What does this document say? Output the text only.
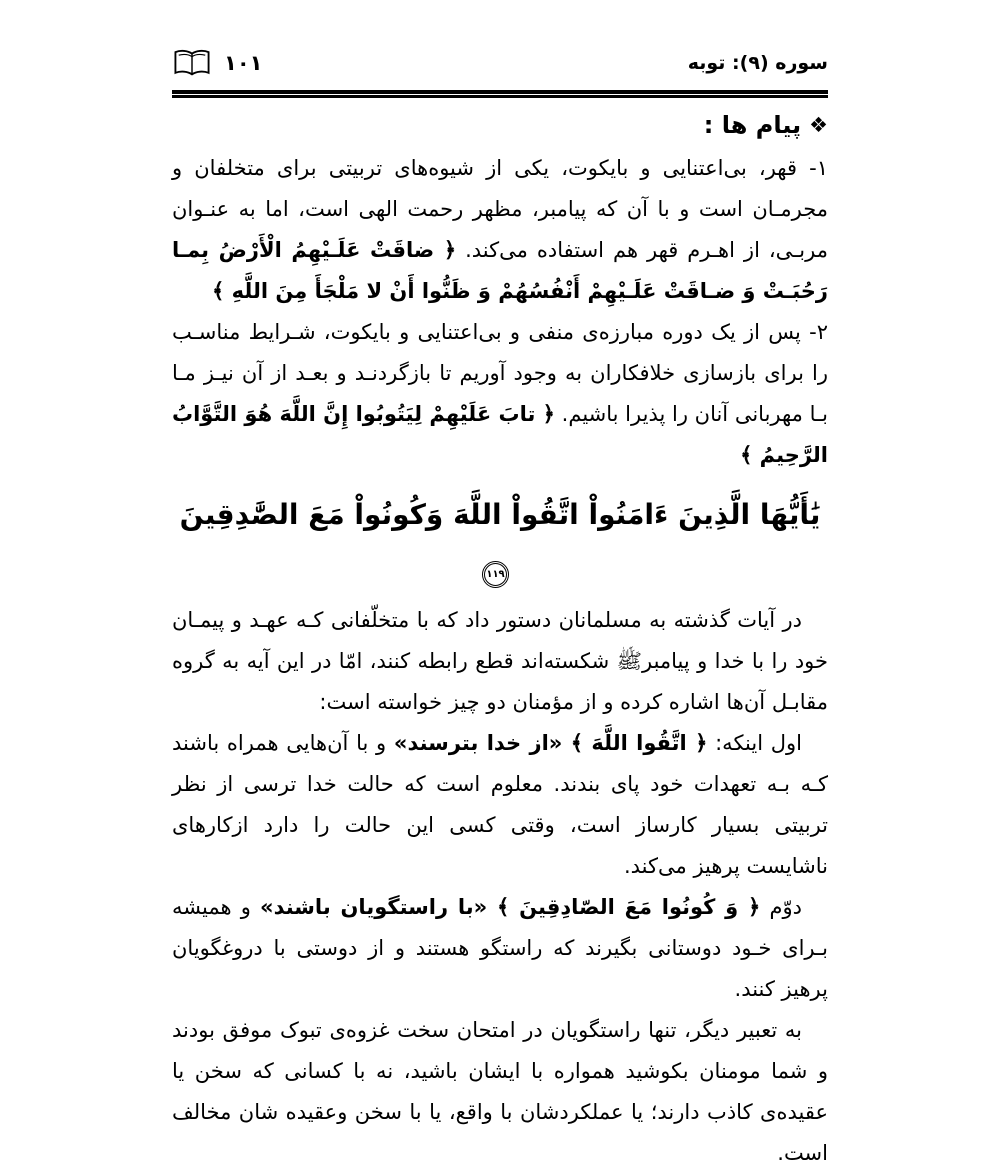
۱۰۱	سوره (۹): توبه
❖پیام ها :

۱- قهر، بی‌اعتنایی و بایکوت، یکی از شیوه‌های تربیتی برای متخلفان و مجرمـان است و با آن که پیامبر، مظهر رحمت الهی است، اما به عنـوان مربـی، از اهـرم قهر هم استفاده می‌کند. ﴿ ضاقَتْ عَلَـيْهِمُ الْأَرْضُ بِمـا رَحُبَـتْ وَ ضـاقَتْ عَلَـيْهِمْ أَنْفُسُهُمْ وَ ظَنُّوا أَنْ لا مَلْجَأَ مِنَ اللَّهِ ﴾

۲- پس از یک دوره مبارزه‌ی منفی و بی‌اعتنایی و بایکوت، شـرایط مناسـب را برای بازسازی خلافکاران به وجود آوریم تا بازگردنـد و بعـد از آن نیـز مـا بـا مهربانی آنان را پذیرا باشیم. ﴿ تابَ عَلَيْهِمْ لِيَتُوبُوا إِنَّ اللَّهَ هُوَ التَّوَّابُ الرَّحِيمُ ﴾

يَٰأَيُّهَا الَّذِينَ ءَامَنُواْ اتَّقُواْ اللَّهَ وَكُونُواْ مَعَ الصَّٰدِقِينَ
۱۱۹

در آیات گذشته به مسلمانان دستور داد که با متخلّفانی کـه عهـد و پیمـان خود را با خدا و پیامبرﷺ شکسته‌اند قطع رابطه کنند، امّا در این آیه به گروه مقابـل آن‌ها اشاره کرده و از مؤمنان دو چیز خواسته است:

اول اینکه: ﴿ اتَّقُوا اللَّهَ ﴾ «از خدا بترسند» و با آن‌هایی همراه باشند کـه بـه تعهدات خود پای بندند. معلوم است که حالت خدا ترسی از نظر تربیتی بسیار کارساز است، وقتی کسی این حالت را دارد ازکارهای ناشایست پرهیز می‌کند.

دوّم ﴿ وَ كُونُوا مَعَ الصّادِقِينَ ﴾ «با راستگویان باشند» و همیشه بـرای خـود دوستانی بگیرند که راستگو هستند و از دوستی با دروغگویان پرهیز کنند.

به تعبیر دیگر، تنها راستگویان در امتحان سخت غزوه‌ی تبوک موفق بودند و شما مومنان بکوشید همواره با ایشان باشید، نه با کسانی که سخن یا عقیده‌ی کاذب دارند؛ یا عملکردشان با واقع، یا با سخن وعقیده شان مخالف است.
